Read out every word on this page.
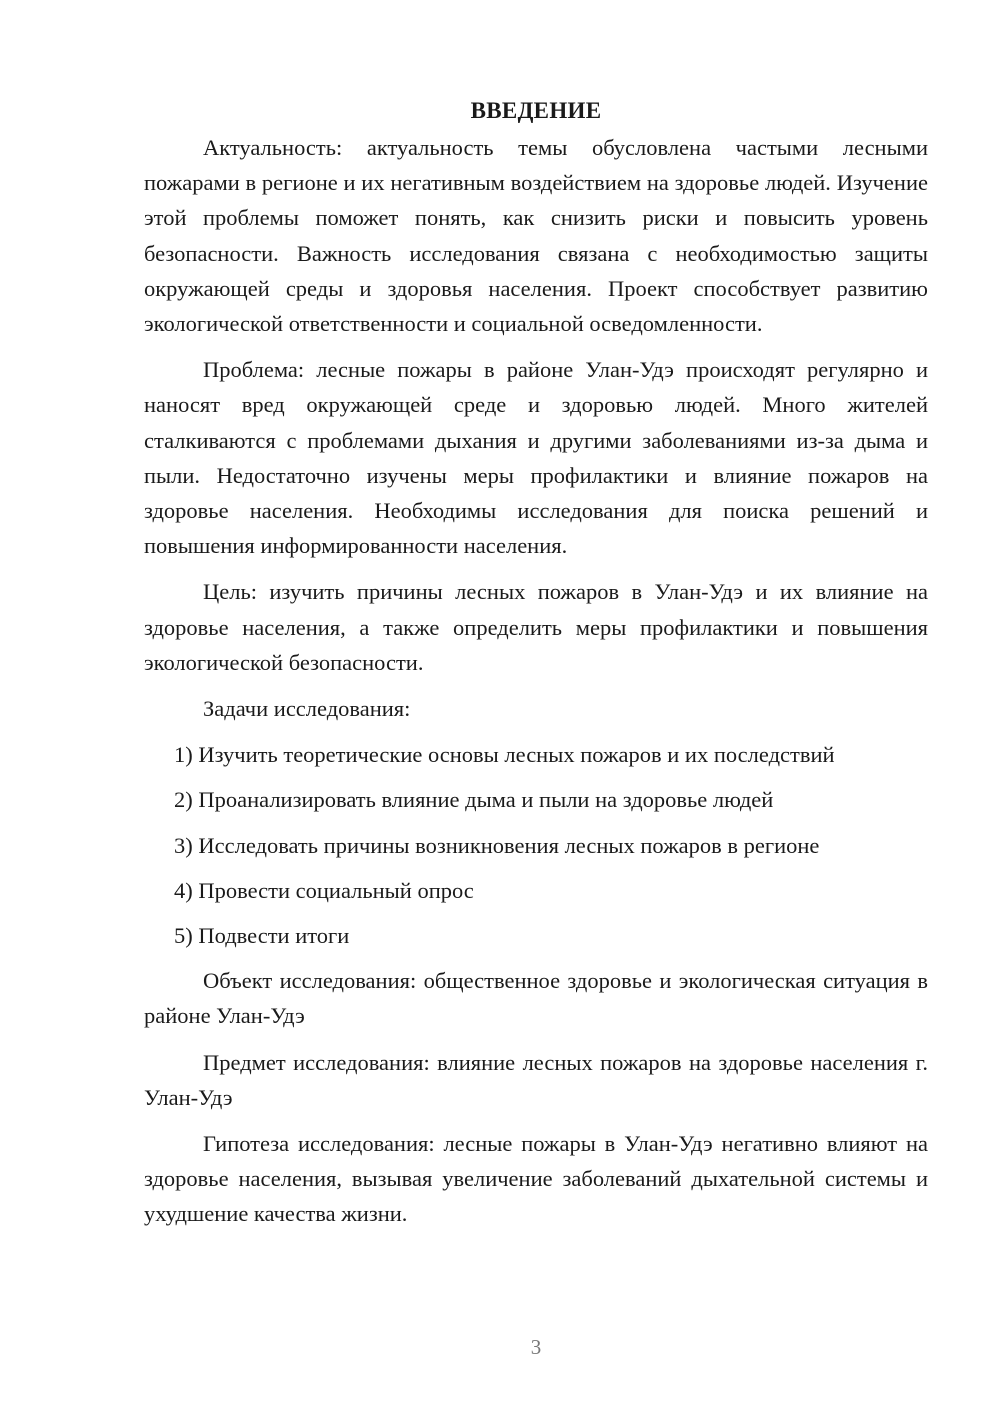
ВВЕДЕНИЕ

Актуальность: актуальность темы обусловлена частыми лесными пожарами в регионе и их негативным воздействием на здоровье людей. Изучение этой проблемы поможет понять, как снизить риски и повысить уровень безопасности. Важность исследования связана с необходимостью защиты окружающей среды и здоровья населения. Проект способствует развитию экологической ответственности и социальной осведомленности.

Проблема: лесные пожары в районе Улан-Удэ происходят регулярно и наносят вред окружающей среде и здоровью людей. Много жителей сталкиваются с проблемами дыхания и другими заболеваниями из-за дыма и пыли. Недостаточно изучены меры профилактики и влияние пожаров на здоровье населения. Необходимы исследования для поиска решений и повышения информированности населения.

Цель: изучить причины лесных пожаров в Улан-Удэ и их влияние на здоровье населения, а также определить меры профилактики и повышения экологической безопасности.

Задачи исследования:

1) Изучить теоретические основы лесных пожаров и их последствий
2) Проанализировать влияние дыма и пыли на здоровье людей
3) Исследовать причины возникновения лесных пожаров в регионе
4) Провести социальный опрос
5) Подвести итоги

Объект исследования: общественное здоровье и экологическая ситуация в районе Улан-Удэ

Предмет исследования: влияние лесных пожаров на здоровье населения г. Улан-Удэ

Гипотеза исследования: лесные пожары в Улан-Удэ негативно влияют на здоровье населения, вызывая увеличение заболеваний дыхательной системы и ухудшение качества жизни.

3
